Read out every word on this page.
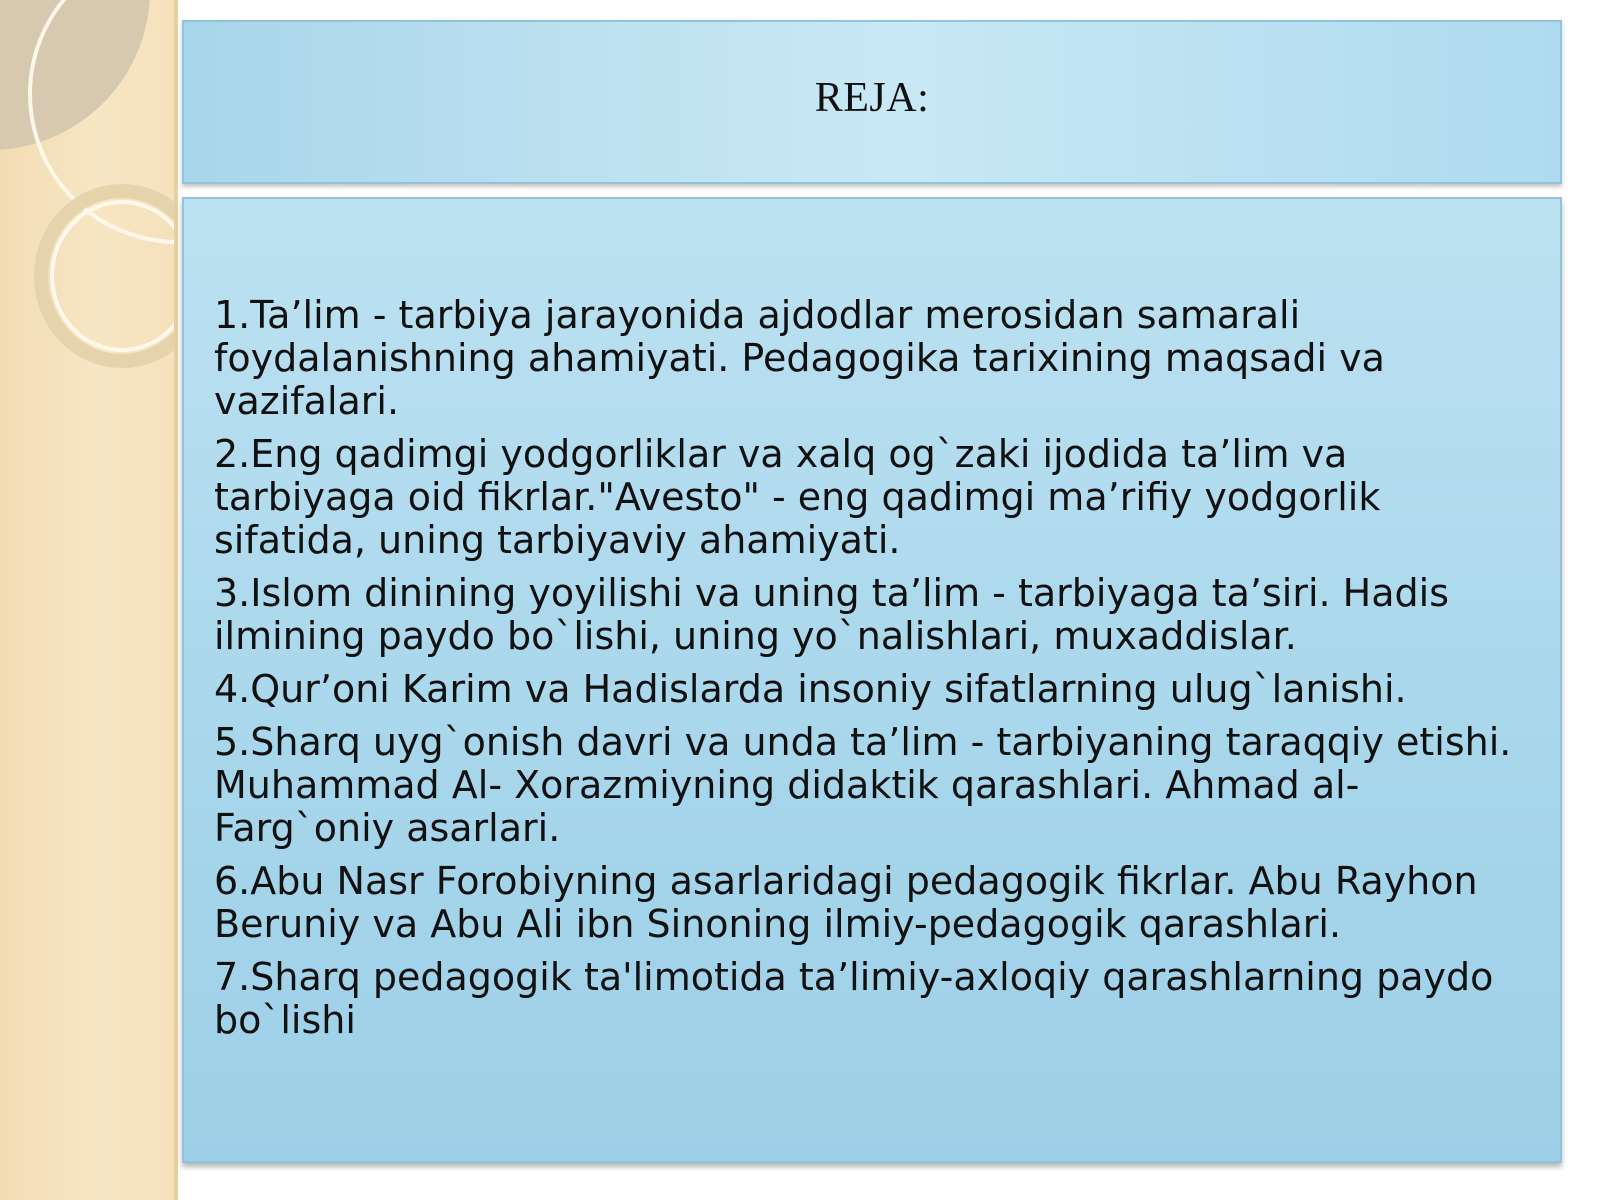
REJA:
1.Ta’lim - tarbiya jarayonida ajdodlar merosidan samarali foydalanishning ahamiyati. Pedagogika tarixining maqsadi va vazifalari.
2.Eng qadimgi yodgorliklar va xalq og`zaki ijodida ta’lim va tarbiyaga oid fikrlar."Avesto" - eng qadimgi ma’rifiy yodgorlik sifatida, uning tarbiyaviy ahamiyati.
3.Islom dinining yoyilishi va uning ta’lim - tarbiyaga ta’siri. Hadis ilmining paydo bo`lishi, uning yo`nalishlari, muxaddislar.
4.Qur’oni Karim va Hadislarda insoniy sifatlarning ulug`lanishi.
5.Sharq uyg`onish davri va unda ta’lim - tarbiyaning taraqqiy etishi. Muhammad Al- Xorazmiyning didaktik qarashlari. Ahmad al-Farg`oniy asarlari.
6.Abu Nasr Forobiyning asarlaridagi pedagogik fikrlar. Abu Rayhon Beruniy va Abu Ali ibn Sinoning ilmiy-pedagogik qarashlari.
7.Sharq pedagogik ta'limotida ta’limiy-axloqiy qarashlarning paydo bo`lishi
